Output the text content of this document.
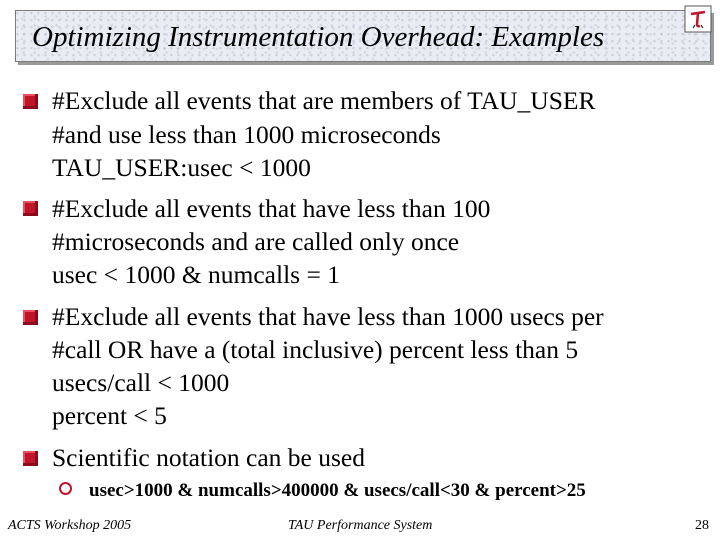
Optimizing Instrumentation Overhead: Examples
#Exclude all events that are members of TAU_USER
#and use less than 1000 microseconds
TAU_USER:usec < 1000
#Exclude all events that have less than 100
#microseconds and are called only once
usec < 1000 & numcalls = 1
#Exclude all events that have less than 1000 usecs per
#call OR have a (total inclusive) percent less than 5
usecs/call < 1000
percent < 5
Scientific notation can be used
usec>1000 & numcalls>400000 & usecs/call<30 & percent>25
ACTS Workshop 2005	TAU Performance System	28
